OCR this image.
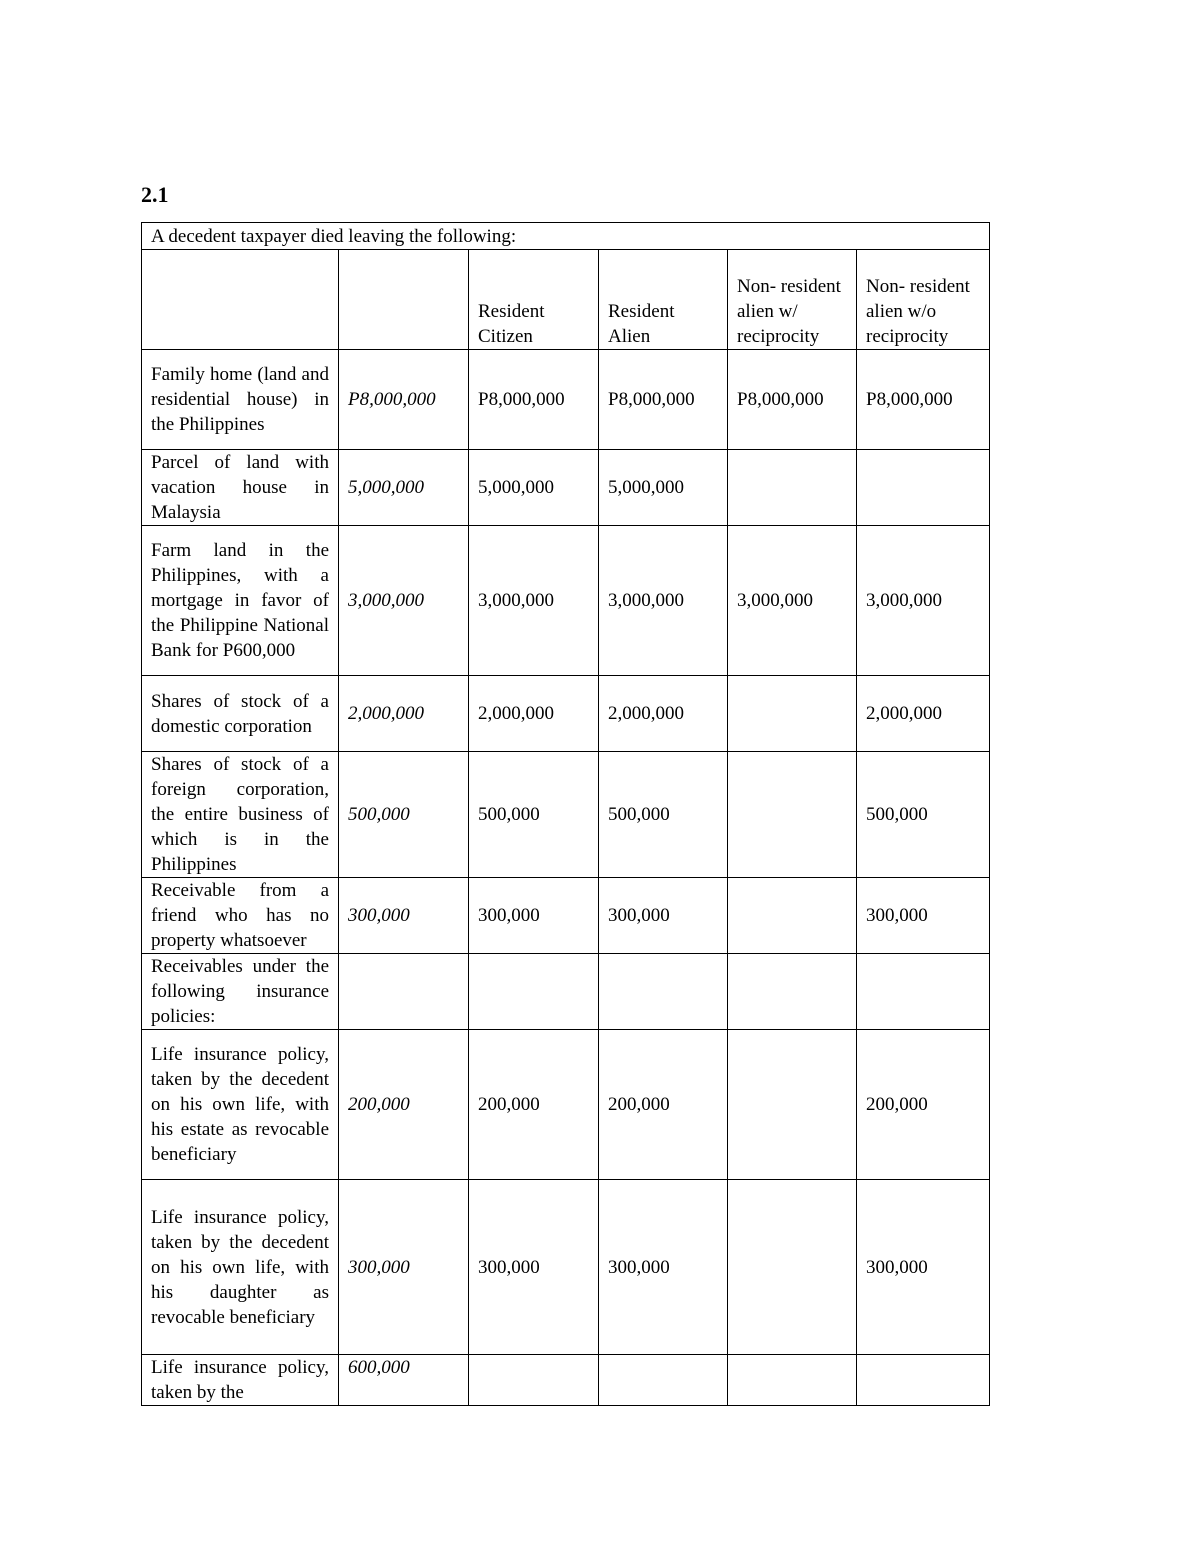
2.1
A decedent taxpayer died leaving the following:					
		Resident Citizen	Resident Alien	Non- resident alien w/ reciprocity	Non- resident alien w/o reciprocity
Family home (land and residential house) in the Philippines	P8,000,000	P8,000,000	P8,000,000	P8,000,000	P8,000,000
Parcel of land with vacation house in Malaysia	5,000,000	5,000,000	5,000,000		
Farm land in the Philippines, with a mortgage in favor of the Philippine National Bank for P600,000	3,000,000	3,000,000	3,000,000	3,000,000	3,000,000
Shares of stock of a domestic corporation	2,000,000	2,000,000	2,000,000		2,000,000
Shares of stock of a foreign corporation, the entire business of which is in the Philippines	500,000	500,000	500,000		500,000
Receivable from a friend who has no property whatsoever	300,000	300,000	300,000		300,000
Receivables under the following insurance policies:					
Life insurance policy, taken by the decedent on his own life, with his estate as revocable beneficiary	200,000	200,000	200,000		200,000
Life insurance policy, taken by the decedent on his own life, with his daughter as revocable beneficiary	300,000	300,000	300,000		300,000
Life insurance policy, taken by the	600,000				
